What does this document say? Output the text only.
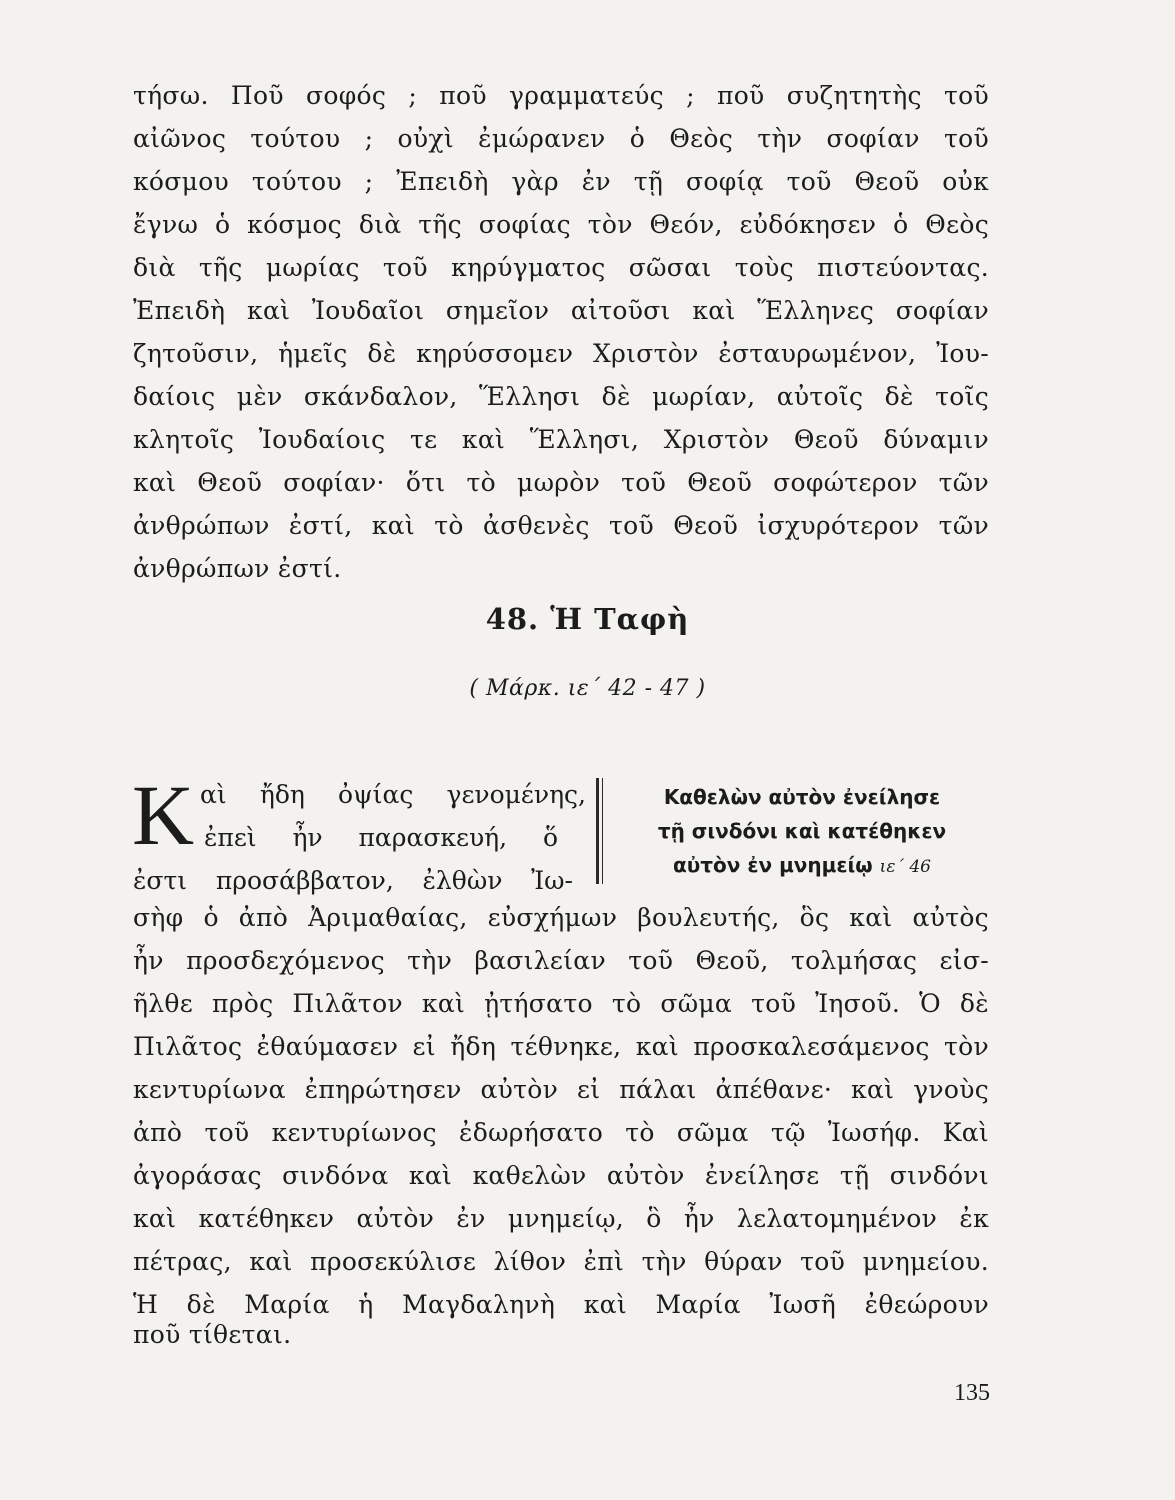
τήσω. Ποῦ σοφός ; ποῦ γραμματεύς ; ποῦ συζητητὴς τοῦ
αἰῶνος τούτου ; οὐχὶ ἐμώρανεν ὁ Θεὸς τὴν σοφίαν τοῦ
κόσμου τούτου ; Ἐπειδὴ γὰρ ἐν τῇ σοφίᾳ τοῦ Θεοῦ οὐκ
ἔγνω ὁ κόσμος διὰ τῆς σοφίας τὸν Θεόν, εὐδόκησεν ὁ Θεὸς
διὰ τῆς μωρίας τοῦ κηρύγματος σῶσαι τοὺς πιστεύοντας.
Ἐπειδὴ καὶ Ἰουδαῖοι σημεῖον αἰτοῦσι καὶ Ἕλληνες σοφίαν
ζητοῦσιν, ἡμεῖς δὲ κηρύσσομεν Χριστὸν ἐσταυρωμένον, Ἰου-
δαίοις μὲν σκάνδαλον, Ἕλλησι δὲ μωρίαν, αὐτοῖς δὲ τοῖς
κλητοῖς Ἰουδαίοις τε καὶ Ἕλλησι, Χριστὸν Θεοῦ δύναμιν
καὶ Θεοῦ σοφίαν· ὅτι τὸ μωρὸν τοῦ Θεοῦ σοφώτερον τῶν
ἀνθρώπων ἐστί, καὶ τὸ ἀσθενὲς τοῦ Θεοῦ ἰσχυρότερον τῶν
ἀνθρώπων ἐστί.
48. Ἡ Ταφὴ
( Μάρκ. ιε΄ 42 - 47 )
Κ αὶ ἤδη ὀψίας γενομένης,
ἐπεὶ ἦν παρασκευή, ὅ
ἐστι προσάββατον, ἐλθὼν Ἰω-
Καθελὼν αὐτὸν ἐνείλησε
τῇ σινδόνι καὶ κατέθηκεν
αὐτὸν ἐν μνημείῳ ιε΄ 46
σὴφ ὁ ἀπὸ Ἀριμαθαίας, εὐσχήμων βουλευτής, ὃς καὶ αὐτὸς
ἦν προσδεχόμενος τὴν βασιλείαν τοῦ Θεοῦ, τολμήσας εἰσ-
ῆλθε πρὸς Πιλᾶτον καὶ ᾐτήσατο τὸ σῶμα τοῦ Ἰησοῦ. Ὁ δὲ
Πιλᾶτος ἐθαύμασεν εἰ ἤδη τέθνηκε, καὶ προσκαλεσάμενος τὸν
κεντυρίωνα ἐπηρώτησεν αὐτὸν εἰ πάλαι ἀπέθανε· καὶ γνοὺς
ἀπὸ τοῦ κεντυρίωνος ἐδωρήσατο τὸ σῶμα τῷ Ἰωσήφ. Καὶ
ἀγοράσας σινδόνα καὶ καθελὼν αὐτὸν ἐνείλησε τῇ σινδόνι
καὶ κατέθηκεν αὐτὸν ἐν μνημείῳ, ὃ ἦν λελατομημένον ἐκ
πέτρας, καὶ προσεκύλισε λίθον ἐπὶ τὴν θύραν τοῦ μνημείου.
Ἡ δὲ Μαρία ἡ Μαγδαληνὴ καὶ Μαρία Ἰωσῆ ἐθεώρουν
ποῦ τίθεται.
135
